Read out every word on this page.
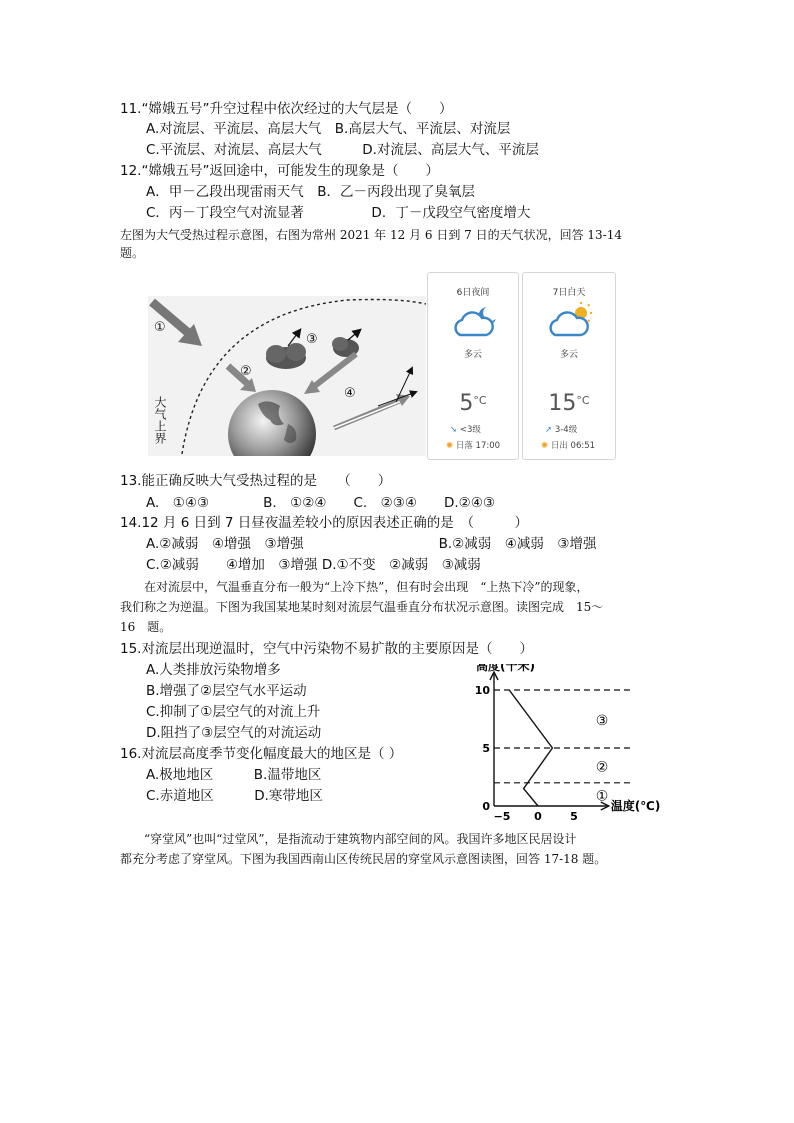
11.“嫦娥五号”升空过程中依次经过的大气层是（　　）
A.对流层、平流层、高层大气　B.高层大气、平流层、对流层
C.平流层、对流层、高层大气　　　D.对流层、高层大气、平流层
12.“嫦娥五号”返回途中，可能发生的现象是（　　）
A．甲－乙段出现雷雨天气　B．乙－丙段出现了臭氧层
C．丙－丁段空气对流显著　　　　　D．丁－戊段空气密度增大
左图为大气受热过程示意图，右图为常州 2021 年 12 月 6 日到 7 日的天气状况，回答 13-14
题。
①
②
③
④
大气上界
6日夜间
多云
$5^{^\circ C}$
➘ <3级
✺ 日落 17:00
7日白天
多云
$15^{^\circ C}$
➚ 3-4级
✺ 日出 06:51
13.能正确反映大气受热过程的是　　（　　）
A.　①④③　　　　B.　①②④　　C.　②③④　　D.②④③
14.12 月 6 日到 7 日昼夜温差较小的原因表述正确的是　（　　　）
A.②减弱　④增强　③增强　　　　　　　　　　B.②减弱　④减弱　③增强
C.②减弱　　④增加　③增强 D.①不变　②减弱　③减弱
　　在对流层中，气温垂直分布一般为“上冷下热”，但有时会出现　“上热下冷”的现象，
我们称之为逆温。下图为我国某地某时刻对流层气温垂直分布状况示意图。读图完成　15～
16　题。
15.对流层出现逆温时，空气中污染物不易扩散的主要原因是（　　）
A.人类排放污染物增多
B.增强了②层空气水平运动
C.抑制了①层空气的对流上升
D.阻挡了③层空气的对流运动
16.对流层高度季节变化幅度最大的地区是（ ）
A.极地地区　　　B.温带地区
C.赤道地区　　　D.寒带地区
高度(千米)
温度(℃)
0
5
10
−5 0	5
①
②
③
　　“穿堂风”也叫“过堂风”，是指流动于建筑物内部空间的风。我国许多地区民居设计
都充分考虑了穿堂风。下图为我国西南山区传统民居的穿堂风示意图读图，回答 17-18 题。
